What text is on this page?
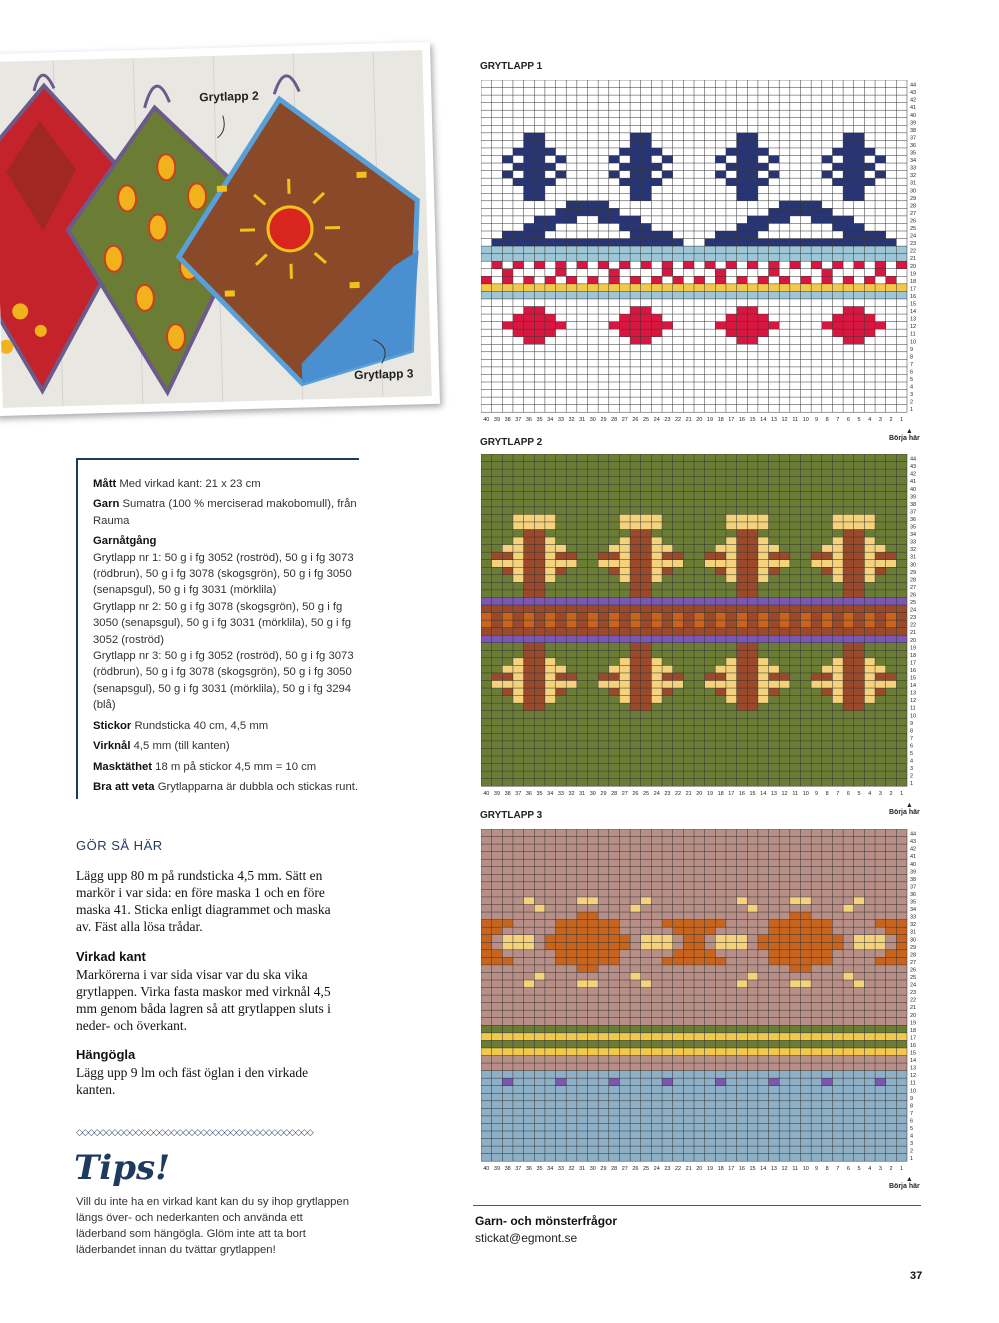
Grytlapp 2
Grytlapp 3

Mått Med virkad kant: 21 x 23 cm

Garn Sumatra (100 % merciserad makobomull), från Rauma

Garnåtgång

Grytlapp nr 1: 50 g i fg 3052 (roströd), 50 g i fg 3073 (rödbrun), 50 g i fg 3078 (skogsgrön), 50 g i fg 3050 (senapsgul), 50 g i fg 3031 (mörklila)

Grytlapp nr 2: 50 g i fg 3078 (skogsgrön), 50 g i fg 3050 (senapsgul), 50 g i fg 3031 (mörklila), 50 g i fg 3052 (roströd)

Grytlapp nr 3: 50 g i fg 3052 (roströd), 50 g i fg 3073 (rödbrun), 50 g i fg 3078 (skogsgrön), 50 g i fg 3050 (senapsgul), 50 g i fg 3031 (mörklila), 50 g i fg 3294 (blå)

Stickor Rundsticka 40 cm, 4,5 mm

Virknål 4,5 mm (till kanten)

Masktäthet 18 m på stickor 4,5 mm = 10 cm

Bra att veta Grytlapparna är dubbla och stickas runt.

GÖR SÅ HÄR
Lägg upp 80 m på rundsticka 4,5 mm. Sätt en markör i var sida: en före maska 1 och en före maska 41. Sticka enligt diagrammet och maska av. Fäst alla lösa trådar.
Virkad kant
Markörerna i var sida visar var du ska vika grytlappen. Virka fasta maskor med virknål 4,5 mm genom båda lagren så att grytlappen sluts i neder- och överkant.
Hängögla
Lägg upp 9 lm och fäst öglan i den virkade kanten.
◇◇◇◇◇◇◇◇◇◇◇◇◇◇◇◇◇◇◇◇◇◇◇◇◇◇◇◇◇◇◇◇◇◇◇◇◇◇◇◇
Tips!
Vill du inte ha en virkad kant kan du sy ihop grytlappen längs över- och nederkanten och använda ett läderband som hängögla. Glöm inte att ta bort läderbandet innan du tvättar grytlappen!
GRYTLAPP 1
1
2
3
4
5
6
7
8
9
10
11
12
13
14
15
16
17
18
19
20
21
22
23
24
25
26
27
28
29
30
31
32
33
34
35
36
37
38
39
40
41
42
43
44
1
2
3
4
5
6
7
8
9
10
11
12
13
14
15
16
17
18
19
20
21
22
23
24
25
26
27
28
29
30
31
32
33
34
35
36
37
38
39
40
▲
Börja här
GRYTLAPP 2
1
2
3
4
5
6
7
8
9
10
11
12
13
14
15
16
17
18
19
20
21
22
23
24
25
26
27
28
29
30
31
32
33
34
35
36
37
38
39
40
41
42
43
44
1
2
3
4
5
6
7
8
9
10
11
12
13
14
15
16
17
18
19
20
21
22
23
24
25
26
27
28
29
30
31
32
33
34
35
36
37
38
39
40
▲
Börja här
GRYTLAPP 3
1
2
3
4
5
6
7
8
9
10
11
12
13
14
15
16
17
18
19
20
21
22
23
24
25
26
27
28
29
30
31
32
33
34
35
36
37
38
39
40
41
42
43
44
1
2
3
4
5
6
7
8
9
10
11
12
13
14
15
16
17
18
19
20
21
22
23
24
25
26
27
28
29
30
31
32
33
34
35
36
37
38
39
40
▲
Börja här
Garn- och mönsterfrågor
stickat@egmont.se
37
